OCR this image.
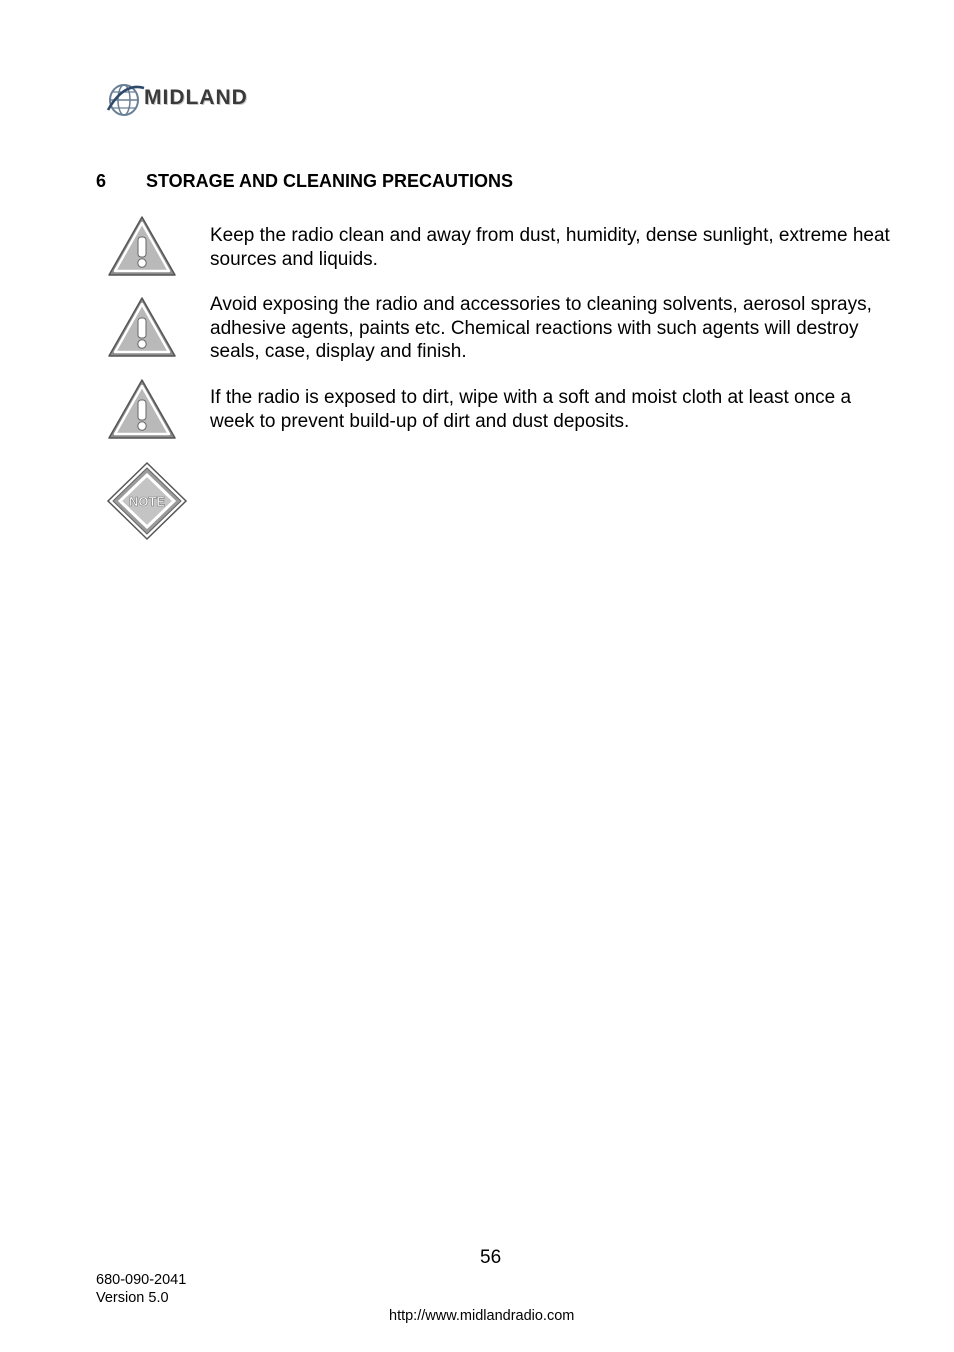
MIDLAND
6 STORAGE AND CLEANING PRECAUTIONS
Keep the radio clean and away from dust, humidity, dense sunlight, extreme heat sources and liquids.
Avoid exposing the radio and accessories to cleaning solvents, aerosol sprays, adhesive agents, paints etc. Chemical reactions with such agents will destroy seals, case, display and finish.
If the radio is exposed to dirt, wipe with a soft and moist cloth at least once a week to prevent build-up of dirt and dust deposits.
NOTE
56
680-090-2041
Version 5.0
http://www.midlandradio.com
